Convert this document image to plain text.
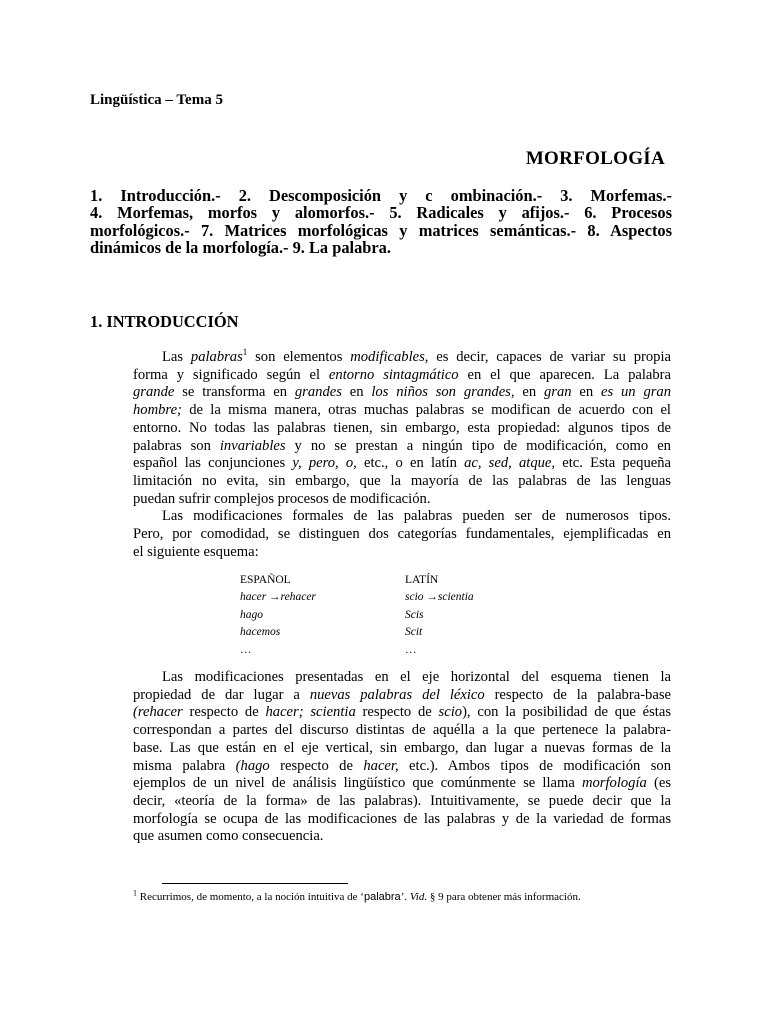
Lingüística – Tema 5
MORFOLOGÍA
1. Introducción.- 2. Descomposición y c ombinación.- 3. Morfemas.-
4. Morfemas, morfos y alomorfos.- 5. Radicales y afijos.- 6. Procesos
morfológicos.- 7. Matrices morfológicas y matrices semánticas.- 8. Aspectos
dinámicos de la morfología.- 9. La palabra.
1. INTRODUCCIÓN
Las palabras$^1$ son elementos modificables, es decir, capaces de variar su propia
forma y significado según el entorno sintagmático en el que aparecen. La palabra
grande se transforma en grandes en los niños son grandes, en gran en es un gran
hombre; de la misma manera, otras muchas palabras se modifican de acuerdo con el
entorno. No todas las palabras tienen, sin embargo, esta propiedad: algunos tipos de
palabras son invariables y no se prestan a ningún tipo de modificación, como en
español las conjunciones y, pero, o, etc., o en latín ac, sed, atque, etc. Esta pequeña
limitación no evita, sin embargo, que la mayoría de las palabras de las lenguas
puedan sufrir complejos procesos de modificación.
Las modificaciones formales de las palabras pueden ser de numerosos tipos.
Pero, por comodidad, se distinguen dos categorías fundamentales, ejemplificadas en
el siguiente esquema:
ESPAÑOL
hacer →rehacer
hago
hacemos
…
LATÍN
scio →scientia
Scis
Scit
…
Las modificaciones presentadas en el eje horizontal del esquema tienen la
propiedad de dar lugar a nuevas palabras del léxico respecto de la palabra-base
(rehacer respecto de hacer; scientia respecto de scio), con la posibilidad de que éstas
correspondan a partes del discurso distintas de aquélla a la que pertenece la palabra-
base. Las que están en el eje vertical, sin embargo, dan lugar a nuevas formas de la
misma palabra (hago respecto de hacer, etc.). Ambos tipos de modificación son
ejemplos de un nivel de análisis lingüístico que comúnmente se llama morfología (es
decir, «teoría de la forma» de las palabras). Intuitivamente, se puede decir que la
morfología se ocupa de las modificaciones de las palabras y de la variedad de formas
que asumen como consecuencia.
$^1$ Recurrimos, de momento, a la noción intuitiva de ‘palabra’. Vid. § 9 para obtener más información.
